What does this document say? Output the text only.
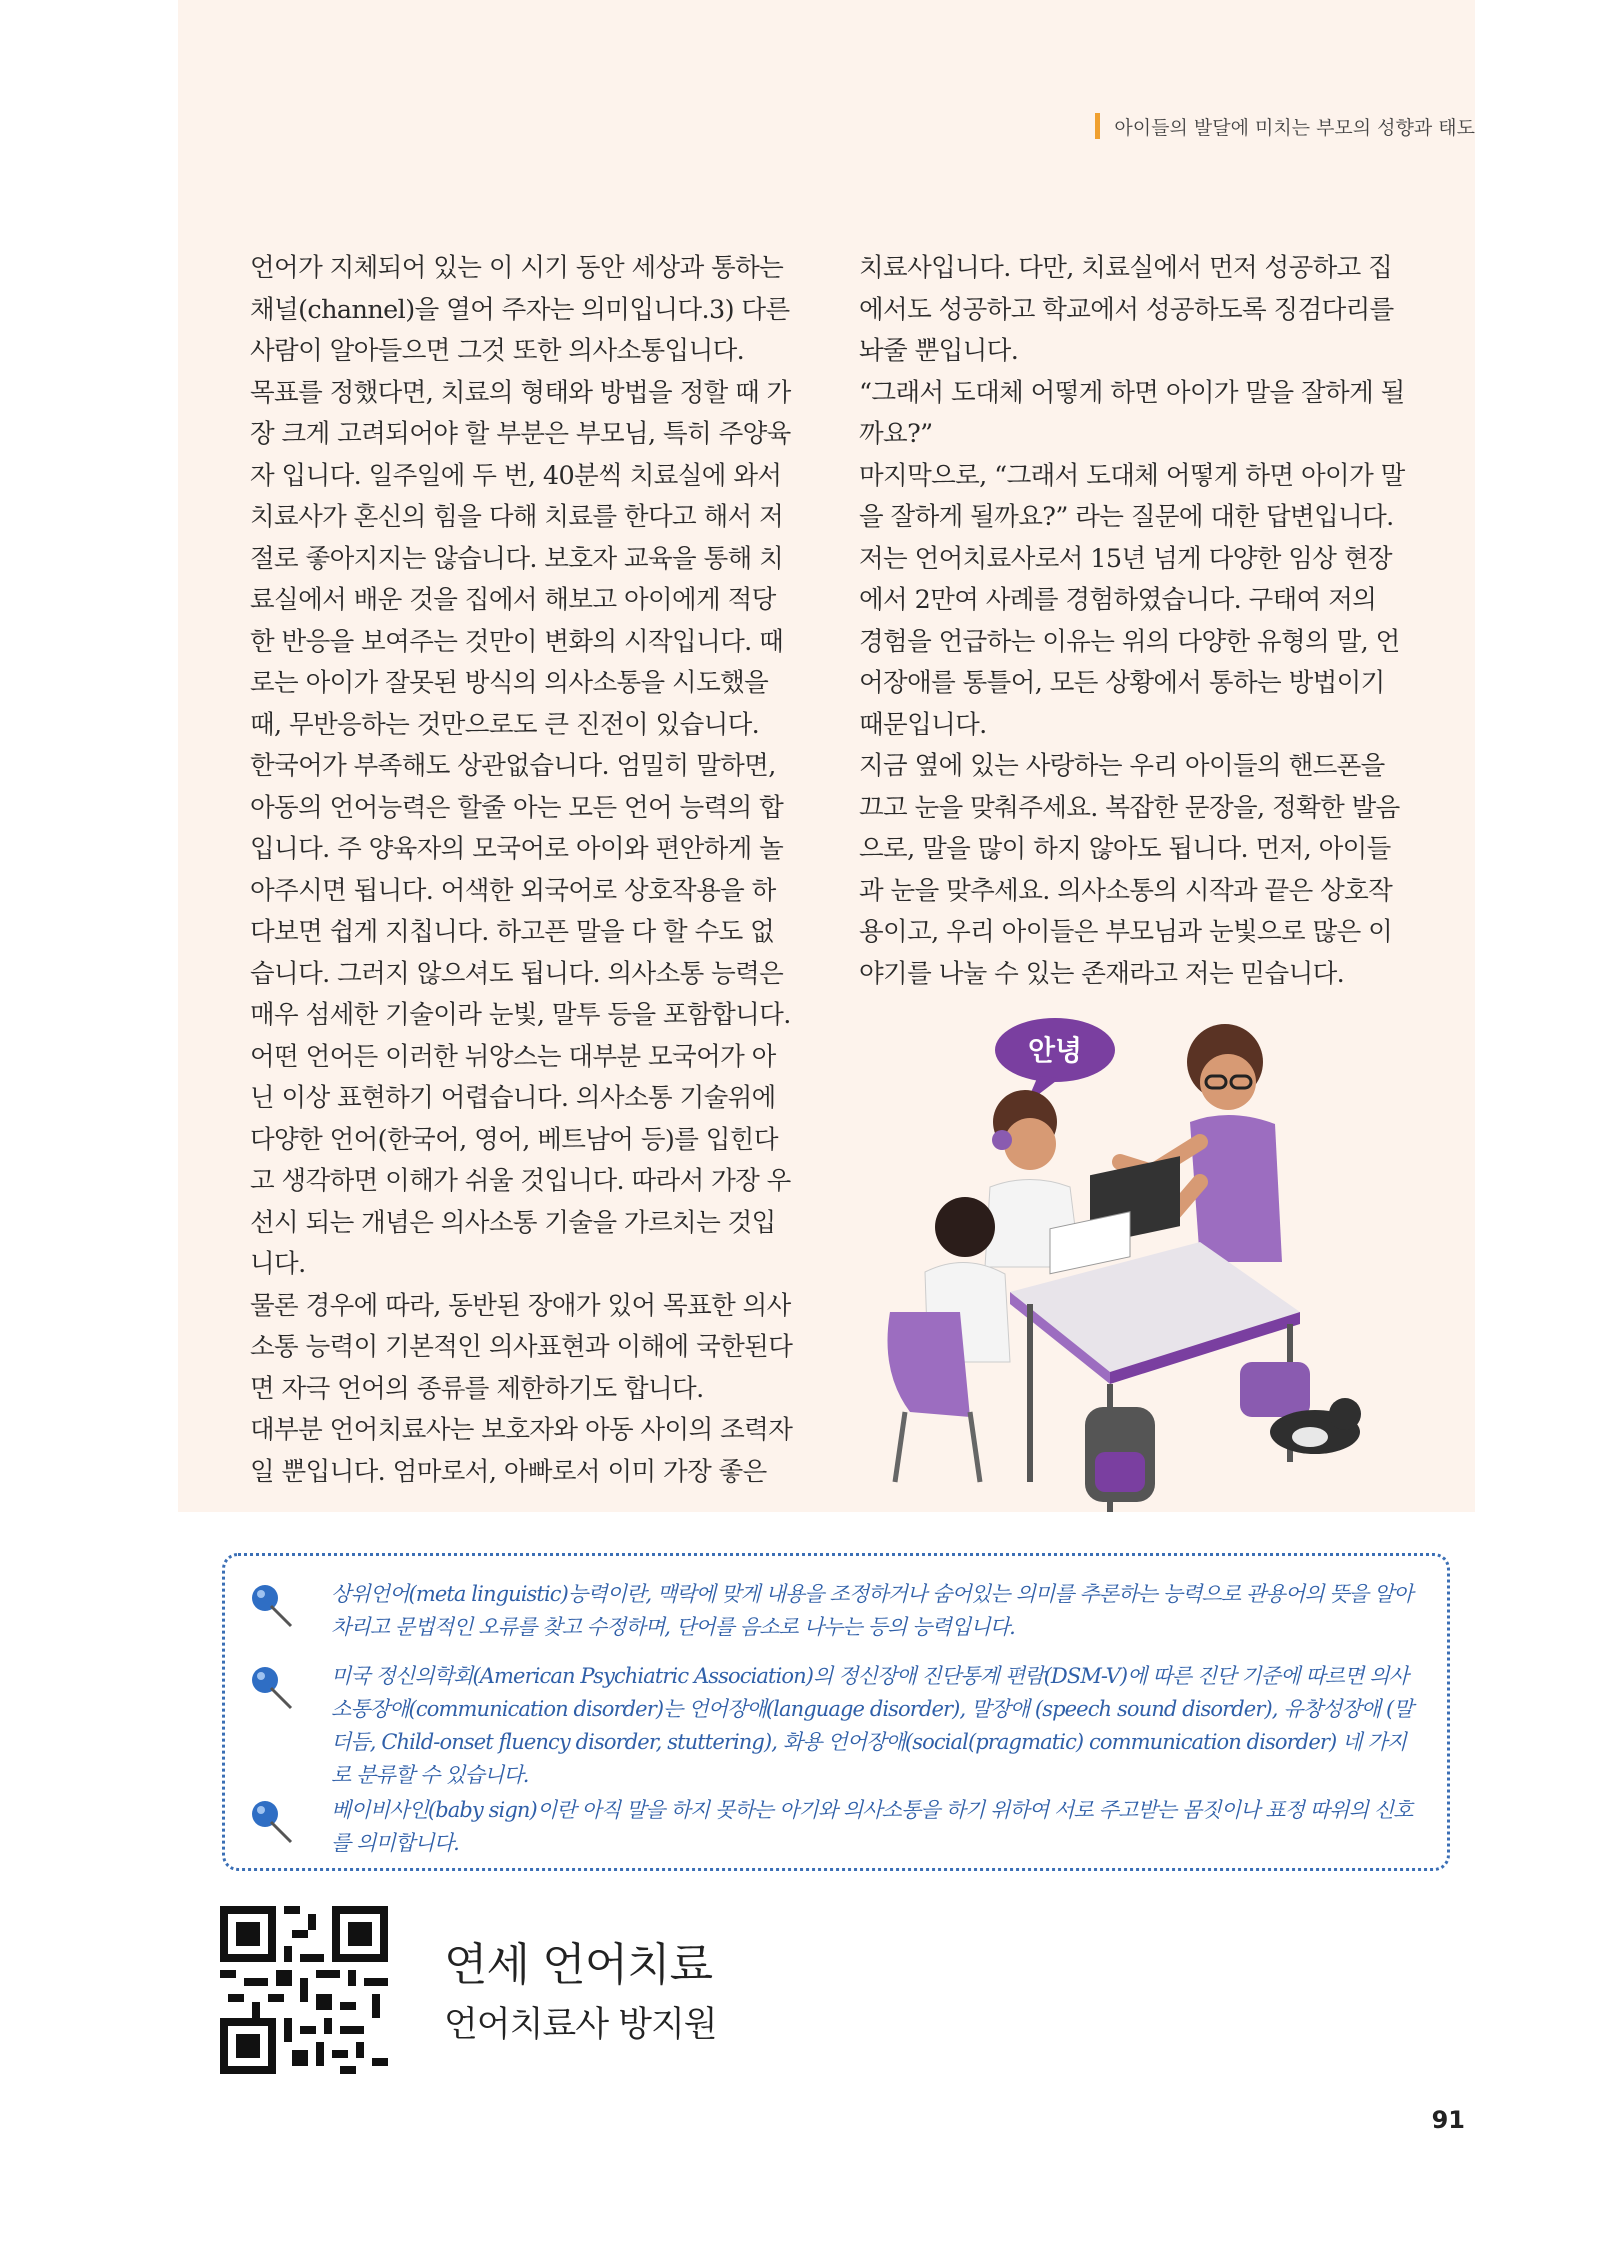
아이들의 발달에 미치는 부모의 성향과 태도

언어가 지체되어 있는 이 시기 동안 세상과 통하는 채널(channel)을 열어 주자는 의미입니다.3) 다른 사람이 알아들으면 그것 또한 의사소통입니다.

목표를 정했다면, 치료의 형태와 방법을 정할 때 가장 크게 고려되어야 할 부분은 부모님, 특히 주양육자 입니다. 일주일에 두 번, 40분씩 치료실에 와서 치료사가 혼신의 힘을 다해 치료를 한다고 해서 저절로 좋아지지는 않습니다. 보호자 교육을 통해 치료실에서 배운 것을 집에서 해보고 아이에게 적당한 반응을 보여주는 것만이 변화의 시작입니다. 때로는 아이가 잘못된 방식의 의사소통을 시도했을 때, 무반응하는 것만으로도 큰 진전이 있습니다.

한국어가 부족해도 상관없습니다. 엄밀히 말하면, 아동의 언어능력은 할줄 아는 모든 언어 능력의 합입니다. 주 양육자의 모국어로 아이와 편안하게 놀아주시면 됩니다. 어색한 외국어로 상호작용을 하다보면 쉽게 지칩니다. 하고픈 말을 다 할 수도 없습니다. 그러지 않으셔도 됩니다. 의사소통 능력은 매우 섬세한 기술이라 눈빛, 말투 등을 포함합니다. 어떤 언어든 이러한 뉘앙스는 대부분 모국어가 아닌 이상 표현하기 어렵습니다. 의사소통 기술위에 다양한 언어(한국어, 영어, 베트남어 등)를 입힌다고 생각하면 이해가 쉬울 것입니다. 따라서 가장 우선시 되는 개념은 의사소통 기술을 가르치는 것입니다.

물론 경우에 따라, 동반된 장애가 있어 목표한 의사소통 능력이 기본적인 의사표현과 이해에 국한된다면 자극 언어의 종류를 제한하기도 합니다.

대부분 언어치료사는 보호자와 아동 사이의 조력자일 뿐입니다. 엄마로서, 아빠로서 이미 가장 좋은

치료사입니다. 다만, 치료실에서 먼저 성공하고 집에서도 성공하고 학교에서 성공하도록 징검다리를 놔줄 뿐입니다.

“그래서 도대체 어떻게 하면 아이가 말을 잘하게 될까요?”

마지막으로, “그래서 도대체 어떻게 하면 아이가 말을 잘하게 될까요?” 라는 질문에 대한 답변입니다. 저는 언어치료사로서 15년 넘게 다양한 임상 현장에서 2만여 사례를 경험하였습니다. 구태여 저의 경험을 언급하는 이유는 위의 다양한 유형의 말, 언어장애를 통틀어, 모든 상황에서 통하는 방법이기 때문입니다.

지금 옆에 있는 사랑하는 우리 아이들의 핸드폰을 끄고 눈을 맞춰주세요. 복잡한 문장을, 정확한 발음으로, 말을 많이 하지 않아도 됩니다. 먼저, 아이들과 눈을 맞추세요. 의사소통의 시작과 끝은 상호작용이고, 우리 아이들은 부모님과 눈빛으로 많은 이야기를 나눌 수 있는 존재라고 저는 믿습니다.

안녕
상위언어(meta linguistic)능력이란, 맥락에 맞게 내용을 조정하거나 숨어있는 의미를 추론하는 능력으로 관용어의 뜻을 알아차리고 문법적인 오류를 찾고 수정하며, 단어를 음소로 나누는 등의 능력입니다.
미국 정신의학회(American Psychiatric Association)의 정신장애 진단통계 편람(DSM-V)에 따른 진단 기준에 따르면 의사소통장애(communication disorder)는 언어장애(language disorder), 말장애 (speech sound disorder), 유창성장애 (말더듬, Child-onset fluency disorder, stuttering), 화용 언어장애(social(pragmatic) communication disorder) 네 가지로 분류할 수 있습니다.
베이비사인(baby sign)이란 아직 말을 하지 못하는 아기와 의사소통을 하기 위하여 서로 주고받는 몸짓이나 표정 따위의 신호를 의미합니다.
연세 언어치료
언어치료사 방지원
91
